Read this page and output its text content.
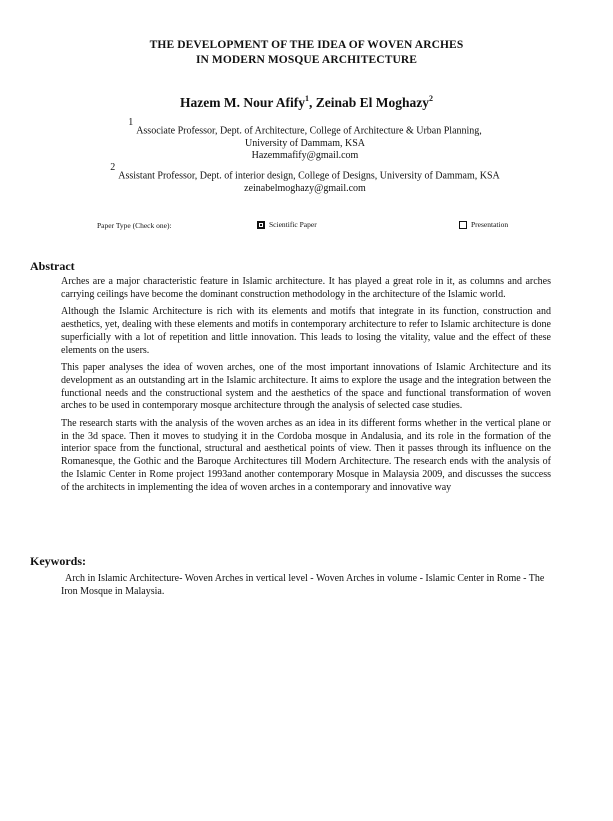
THE DEVELOPMENT OF THE IDEA OF WOVEN ARCHES
IN MODERN MOSQUE ARCHITECTURE
Hazem M. Nour Afify$^1$, Zeinab El Moghazy$^2$
$^1$Associate Professor, Dept. of Architecture, College of Architecture & Urban Planning,
University of Dammam, KSA
Hazemmafify@gmail.com
$^2$Assistant Professor, Dept. of interior design, College of Designs, University of Dammam, KSA
zeinabelmoghazy@gmail.com
Paper Type (Check one):	Scientific Paper	Presentation
Abstract

Arches are a major characteristic feature in Islamic architecture. It has played a great role in it, as columns and arches carrying ceilings have become the dominant construction methodology in the architecture of the Islamic world.

Although the Islamic Architecture is rich with its elements and motifs that integrate in its function, construction and aesthetics, yet, dealing with these elements and motifs in contemporary architecture to refer to Islamic architecture is done superficially with a lot of repetition and little innovation. This leads to losing the vitality, value and the effect of these elements on the users.

This paper analyses the idea of woven arches, one of the most important innovations of Islamic Architecture and its development as an outstanding art in the Islamic architecture. It aims to explore the usage and the integration between the functional needs and the constructional system and the aesthetics of the space and functional transformation of woven arches to be used in contemporary mosque architecture through the analysis of selected case studies.

The research starts with the analysis of the woven arches as an idea in its different forms whether in the vertical plane or in the 3d space. Then it moves to studying it in the Cordoba mosque in Andalusia, and its role in the formation of the interior space from the functional, structural and aesthetical points of view. Then it passes through its influence on the Romanesque, the Gothic and the Baroque Architectures till Modern Architecture. The research ends with the analysis of the Islamic Center in Rome project 1993and another contemporary Mosque in Malaysia 2009, and discusses the success of the architects in implementing the idea of woven arches in a contemporary and innovative way

Keywords:
Arch in Islamic Architecture- Woven Arches in vertical level - Woven Arches in volume - Islamic Center in Rome - The Iron Mosque in Malaysia.
